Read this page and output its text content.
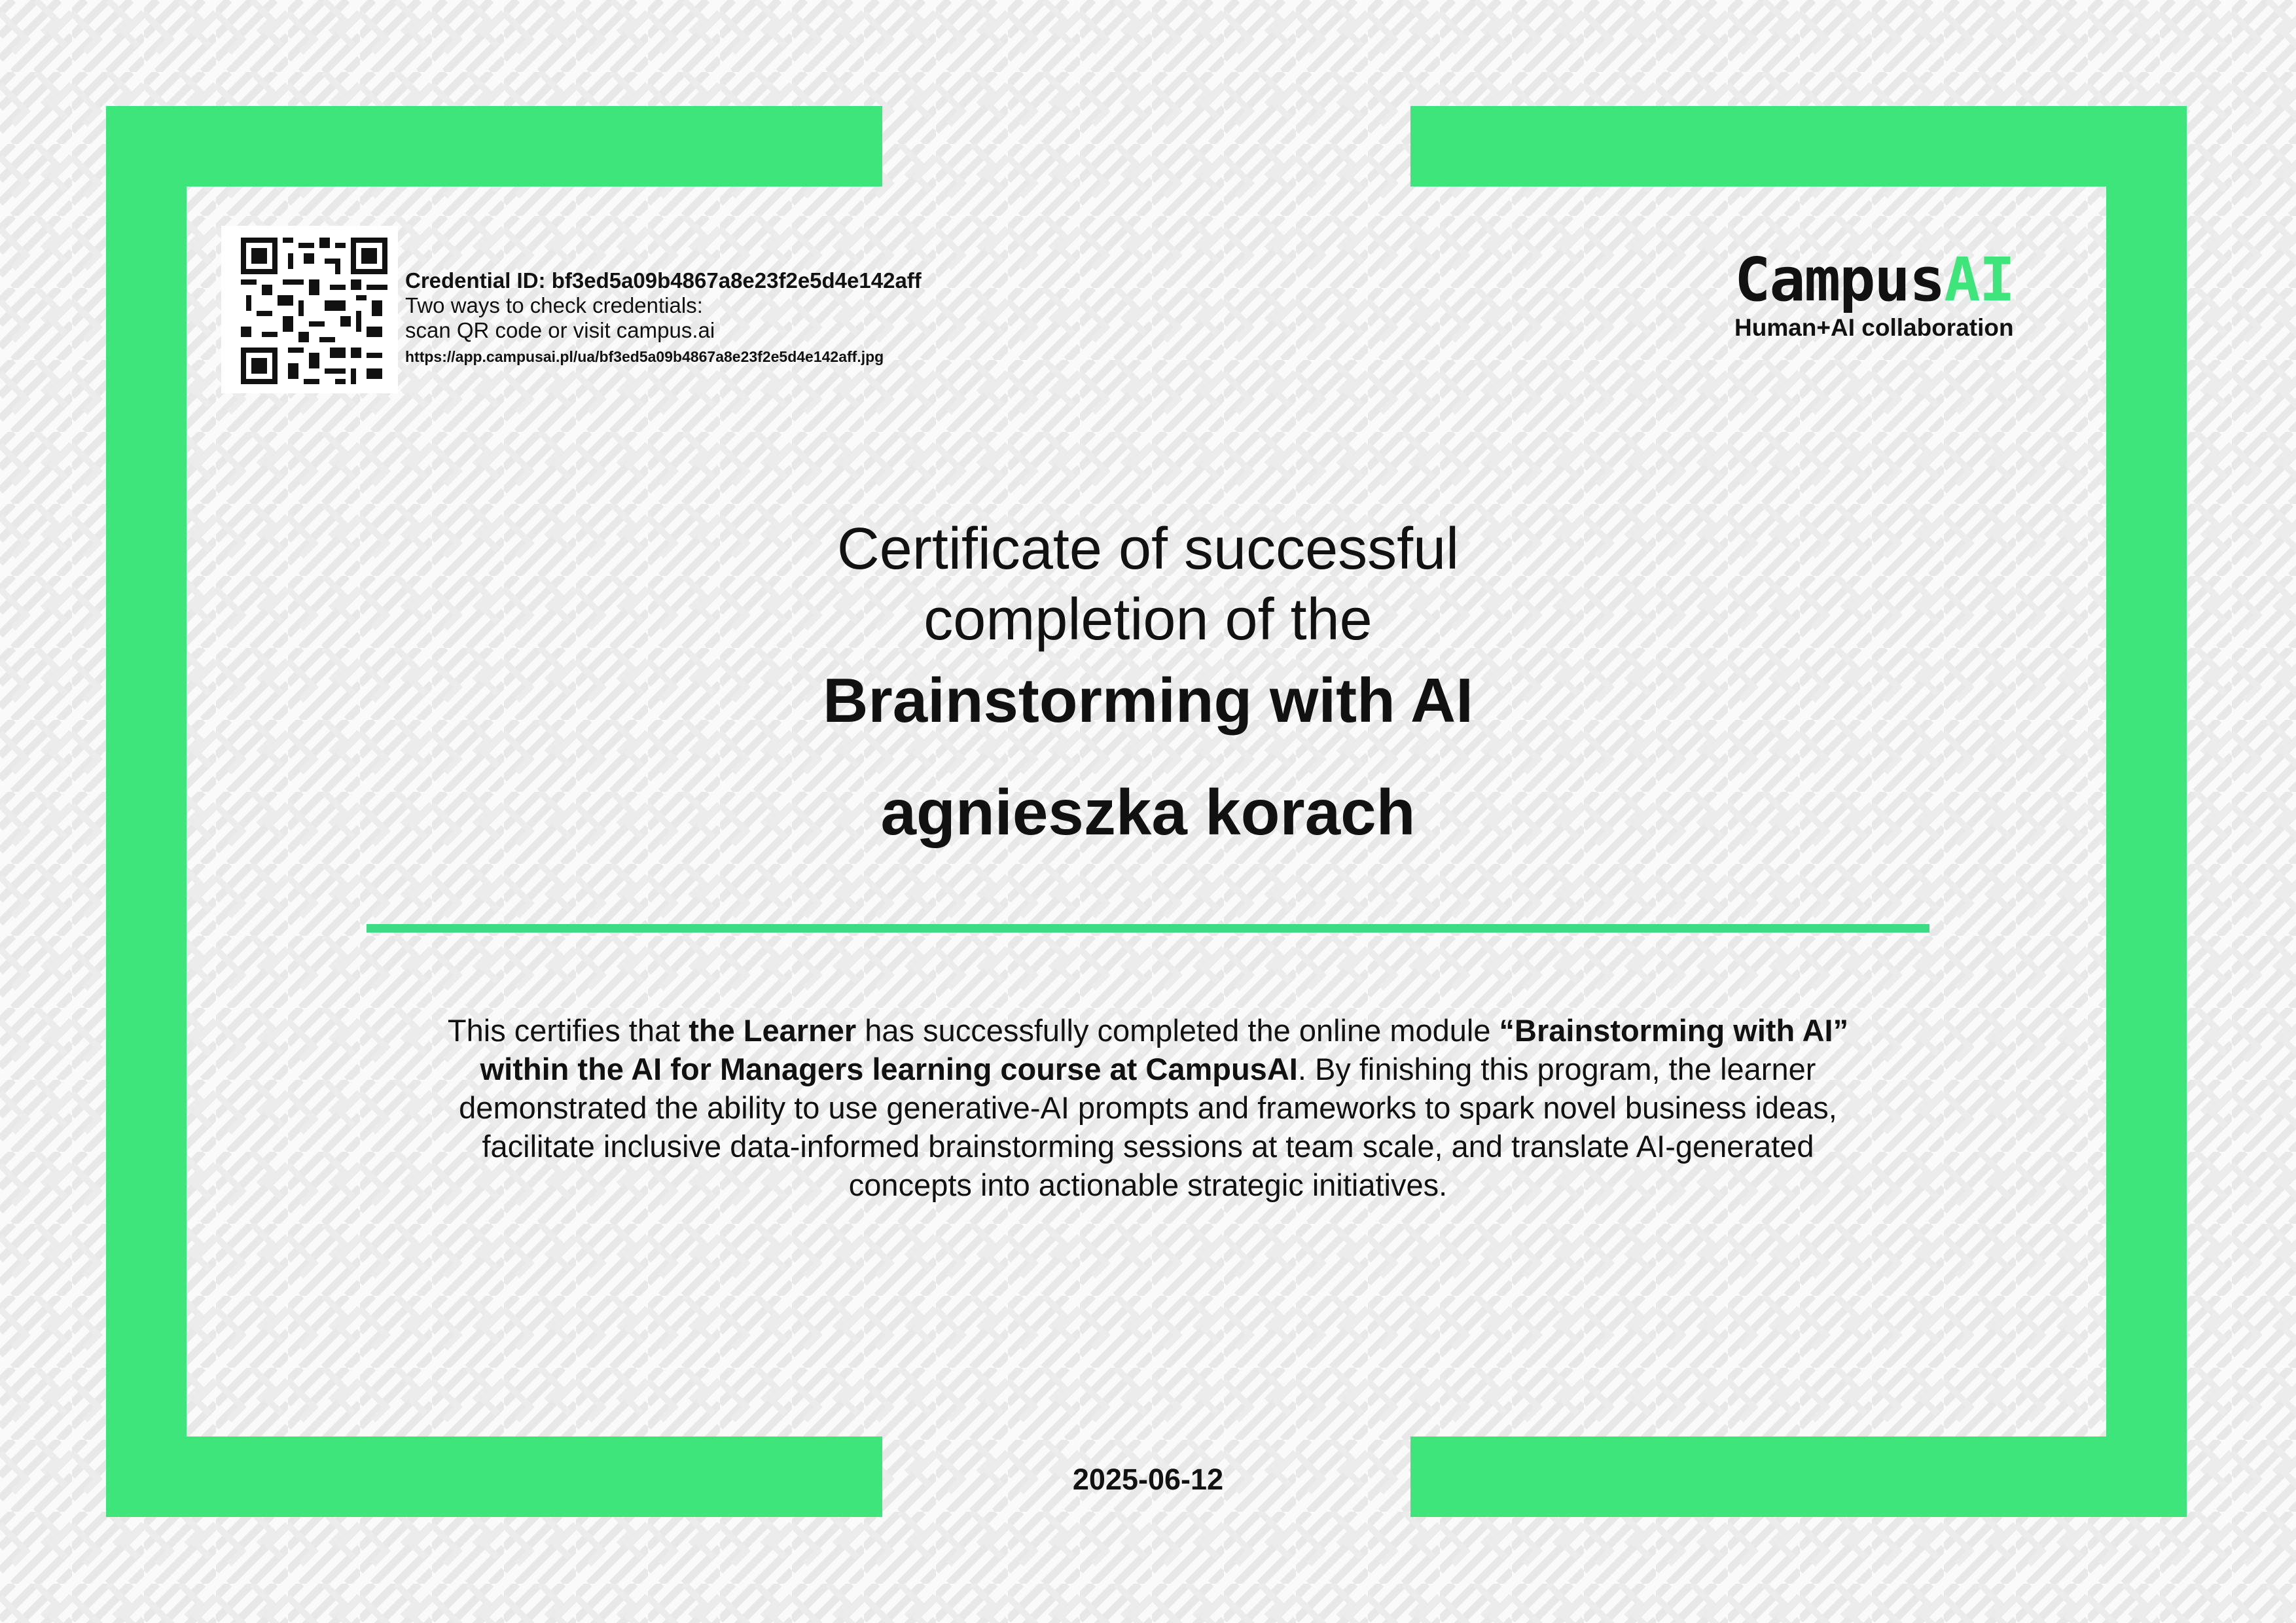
Credential ID: bf3ed5a09b4867a8e23f2e5d4e142aff
Two ways to check credentials:
scan QR code or visit campus.ai
https://app.campusai.pl/ua/bf3ed5a09b4867a8e23f2e5d4e142aff.jpg
CampusAI
Human+AI collaboration
Certificate of successful
completion of the
Brainstorming with AI
agnieszka korach
This certifies that the Learner has successfully completed the online module “Brainstorming with AI” within the AI for Managers learning course at CampusAI. By finishing this program, the learner demonstrated the ability to use generative-AI prompts and frameworks to spark novel business ideas, facilitate inclusive data-informed brainstorming sessions at team scale, and translate AI-generated concepts into actionable strategic initiatives.
2025-06-12
